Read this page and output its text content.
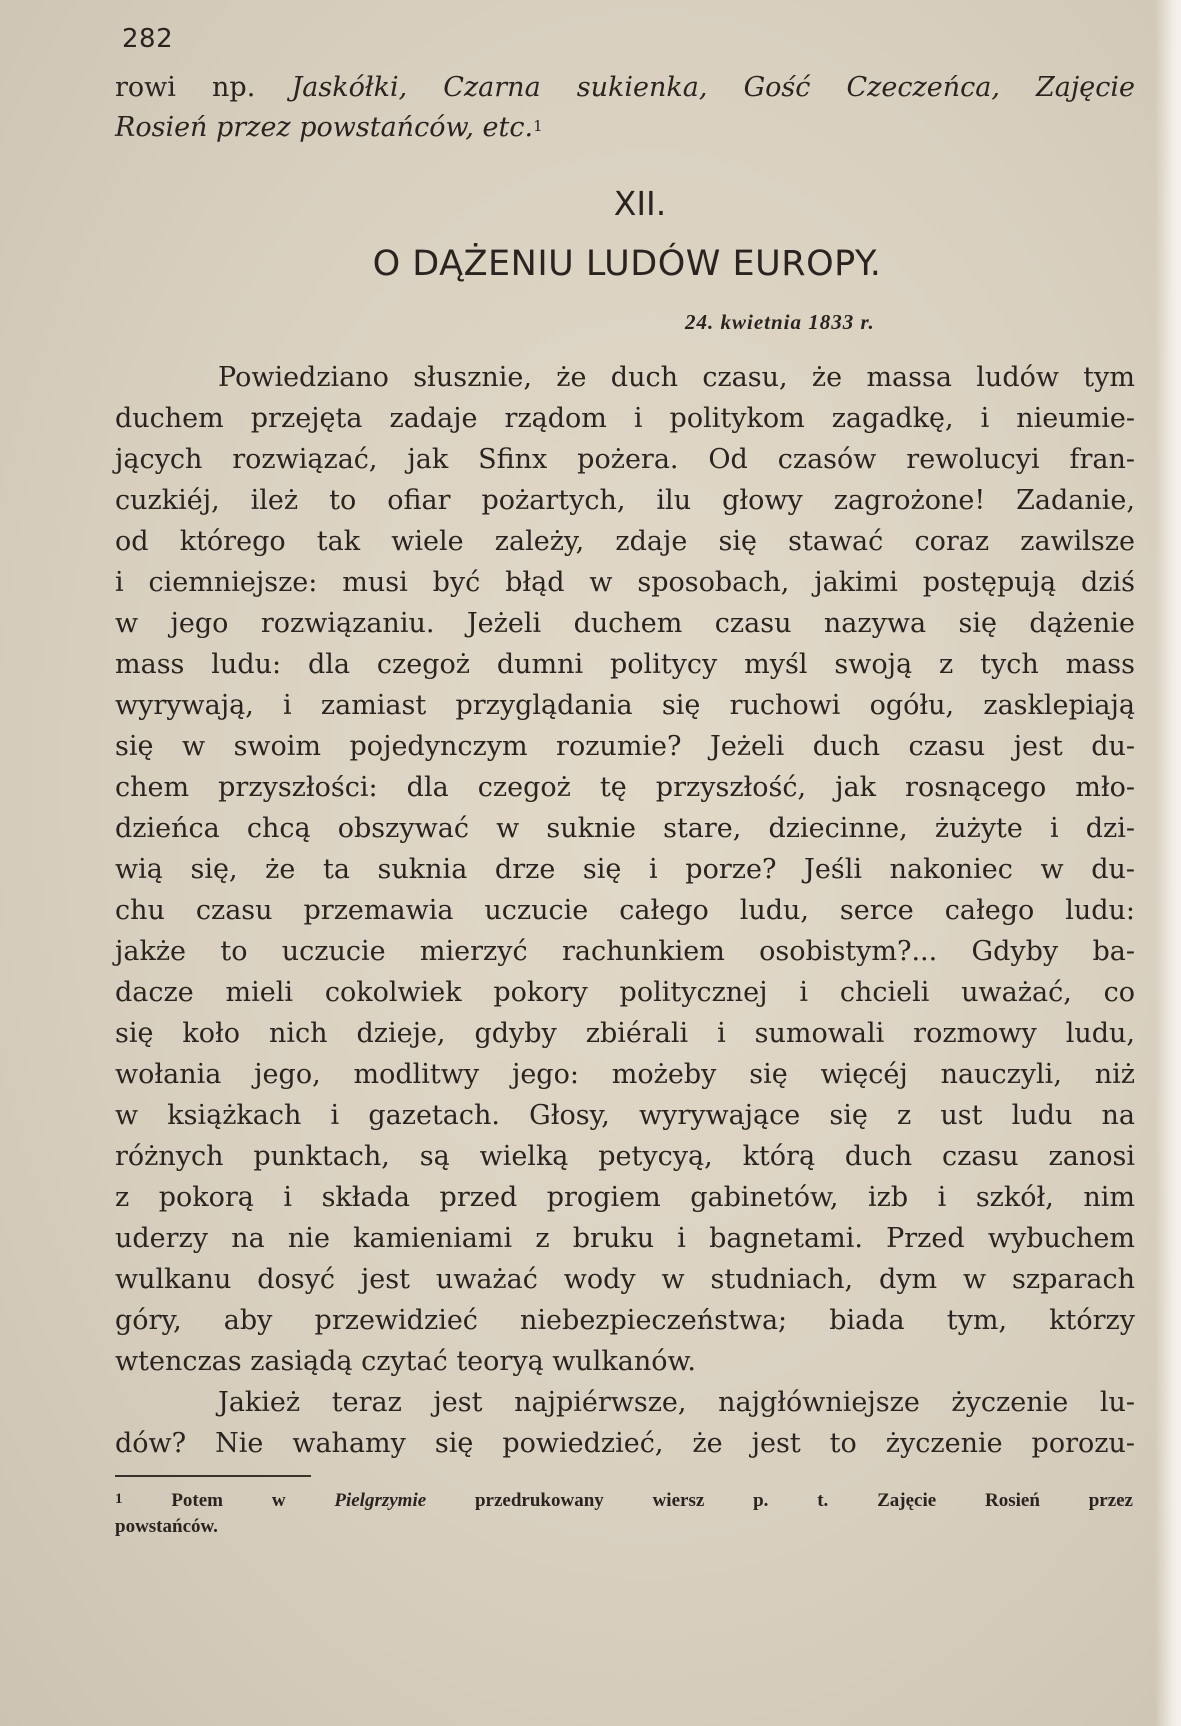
282
rowi np. Jaskółki, Czarna sukienka, Gość Czeczeńca, Zajęcie
Rosień przez powstańców, etc.$^1$
XII.
O DĄŻENIU LUDÓW EUROPY.
24. kwietnia 1833 r.
Powiedziano słusznie, że duch czasu, że massa ludów tym
duchem przejęta zadaje rządom i politykom zagadkę, i nieumie-
jących rozwiązać, jak Sfinx pożera. Od czasów rewolucyi fran-
cuzkiéj, ileż to ofiar pożartych, ilu głowy zagrożone! Zadanie,
od którego tak wiele zależy, zdaje się stawać coraz zawilsze
i ciemniejsze: musi być błąd w sposobach, jakimi postępują dziś
w jego rozwiązaniu. Jeżeli duchem czasu nazywa się dążenie
mass ludu: dla czegoż dumni politycy myśl swoją z tych mass
wyrywają, i zamiast przyglądania się ruchowi ogółu, zasklepiają
się w swoim pojedynczym rozumie? Jeżeli duch czasu jest du-
chem przyszłości: dla czegoż tę przyszłość, jak rosnącego mło-
dzieńca chcą obszywać w suknie stare, dziecinne, żużyte i dzi-
wią się, że ta suknia drze się i porze? Jeśli nakoniec w du-
chu czasu przemawia uczucie całego ludu, serce całego ludu:
jakże to uczucie mierzyć rachunkiem osobistym?... Gdyby ba-
dacze mieli cokolwiek pokory politycznej i chcieli uważać, co
się koło nich dzieje, gdyby zbiérali i sumowali rozmowy ludu,
wołania jego, modlitwy jego: możeby się więcéj nauczyli, niż
w książkach i gazetach. Głosy, wyrywające się z ust ludu na
różnych punktach, są wielką petycyą, którą duch czasu zanosi
z pokorą i składa przed progiem gabinetów, izb i szkół, nim
uderzy na nie kamieniami z bruku i bagnetami. Przed wybuchem
wulkanu dosyć jest uważać wody w studniach, dym w szparach
góry, aby przewidzieć niebezpieczeństwa; biada tym, którzy
wtenczas zasiądą czytać teoryą wulkanów.
Jakież teraz jest najpiérwsze, najgłówniejsze życzenie lu-
dów? Nie wahamy się powiedzieć, że jest to życzenie porozu-
$^1$	Potem w Pielgrzymie przedrukowany wiersz p. t. Zajęcie Rosień przez
powstańców.
